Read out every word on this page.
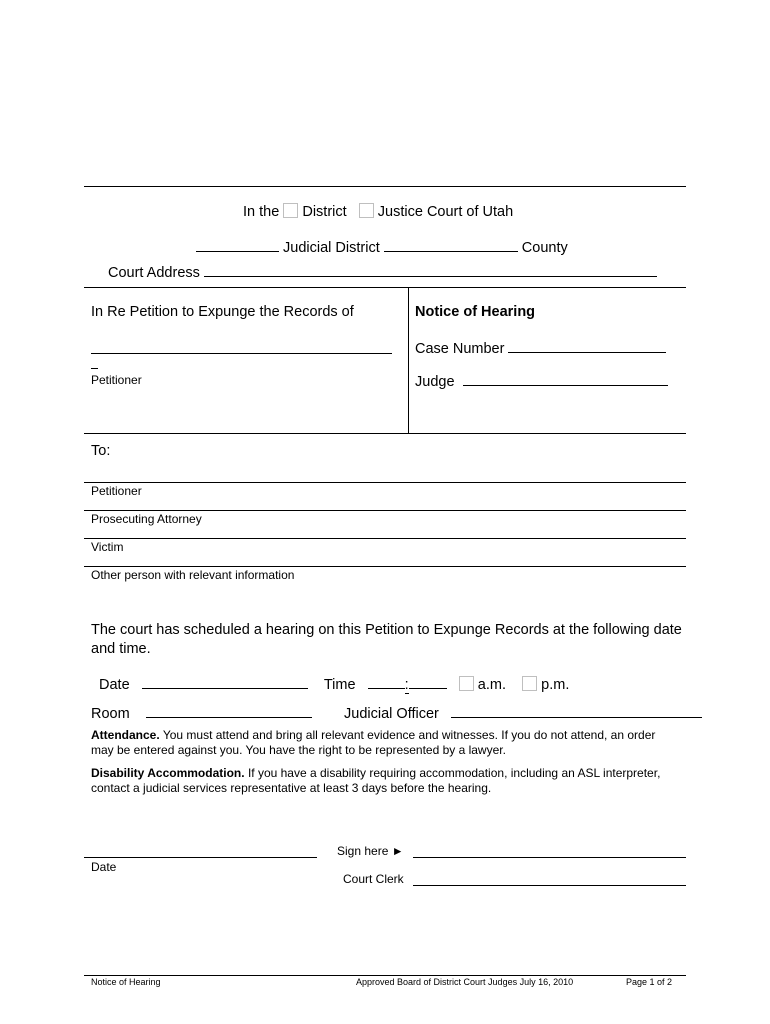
In the District Justice Court of Utah
Judicial District	County
Court Address
In Re Petition to Expunge the Records of
Petitioner
Notice of Hearing
Case Number
Judge
To:
Petitioner
Prosecuting Attorney
Victim
Other person with relevant information
The court has scheduled a hearing on this Petition to Expunge Records at the following date and time.
Date	Time	:	a.m. p.m.
Room	Judicial Officer
Attendance. You must attend and bring all relevant evidence and witnesses. If you do not attend, an order may be entered against you. You have the right to be represented by a lawyer.
Disability Accommodation. If you have a disability requiring accommodation, including an ASL interpreter, contact a judicial services representative at least 3 days before the hearing.
Date
Sign here ►
Court Clerk
Notice of Hearing	Approved Board of District Court Judges July 16, 2010	Page 1 of 2
